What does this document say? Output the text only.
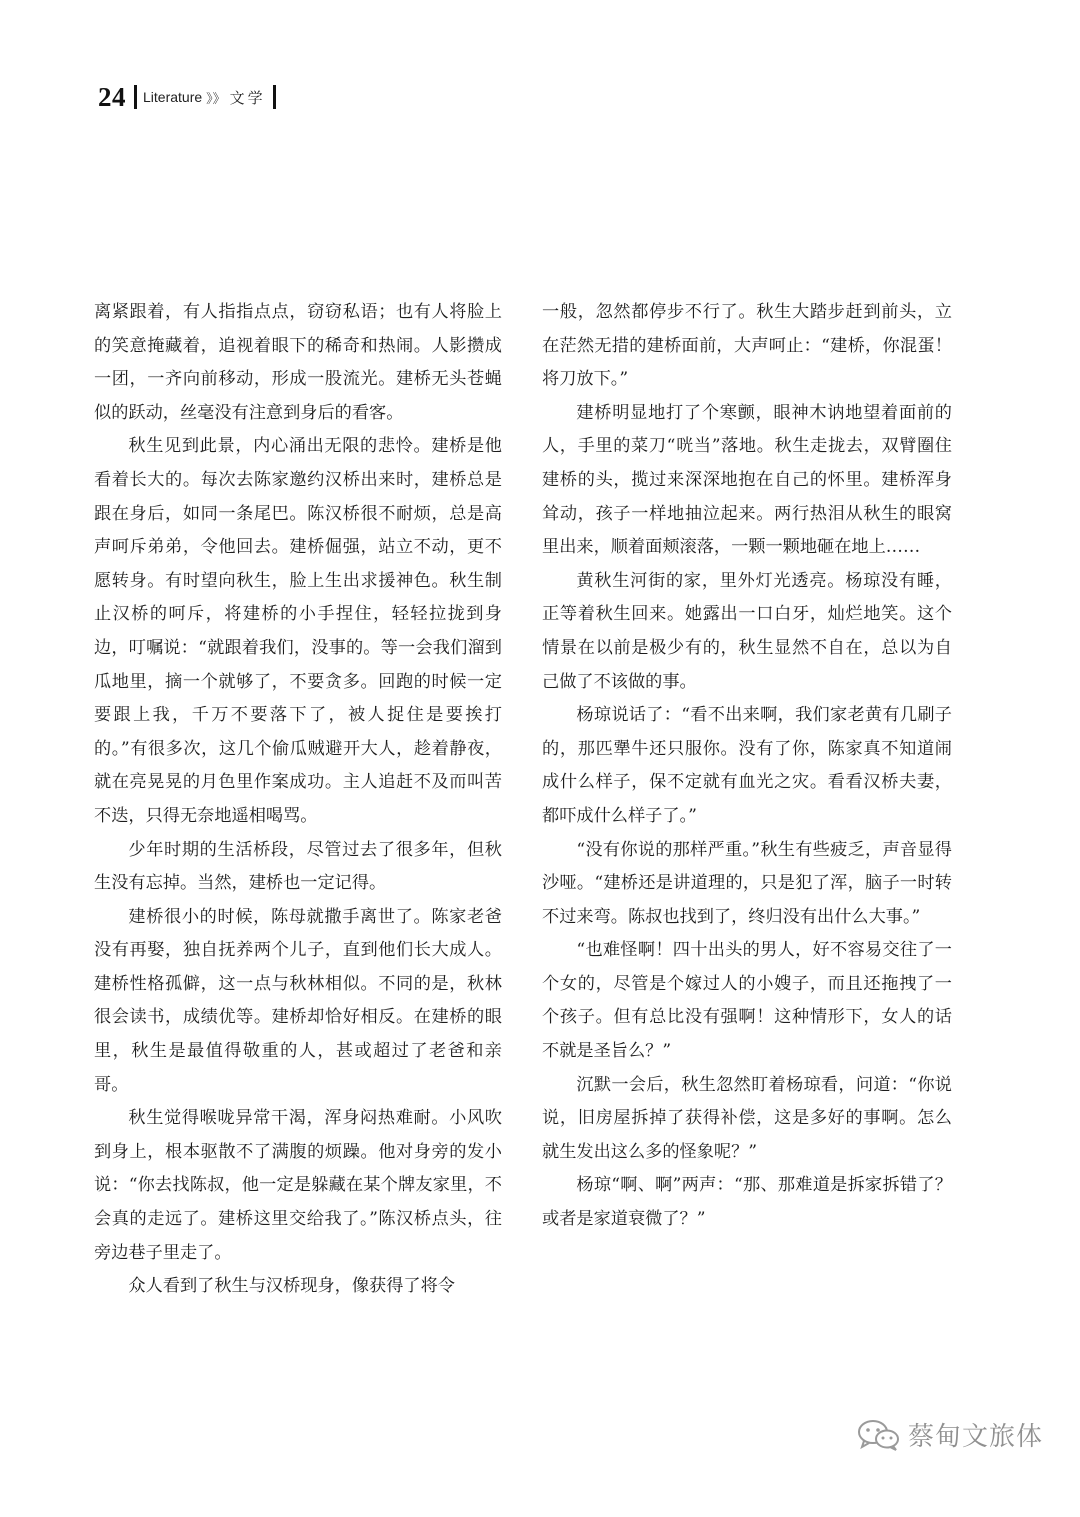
24 Literature 》》 文学

离紧跟着，有人指指点点，窃窃私语；也有人将脸上的笑意掩藏着，追视着眼下的稀奇和热闹。人影攒成一团，一齐向前移动，形成一股流光。建桥无头苍蝇似的跃动，丝毫没有注意到身后的看客。

秋生见到此景，内心涌出无限的悲怜。建桥是他看着长大的。每次去陈家邀约汉桥出来时，建桥总是跟在身后，如同一条尾巴。陈汉桥很不耐烦，总是高声呵斥弟弟，令他回去。建桥倔强，站立不动，更不愿转身。有时望向秋生，脸上生出求援神色。秋生制止汉桥的呵斥，将建桥的小手捏住，轻轻拉拢到身边，叮嘱说：“就跟着我们，没事的。等一会我们溜到瓜地里，摘一个就够了，不要贪多。回跑的时候一定要跟上我，千万不要落下了，被人捉住是要挨打的。”有很多次，这几个偷瓜贼避开大人，趁着静夜，就在亮晃晃的月色里作案成功。主人追赶不及而叫苦不迭，只得无奈地遥相喝骂。

少年时期的生活桥段，尽管过去了很多年，但秋生没有忘掉。当然，建桥也一定记得。

建桥很小的时候，陈母就撒手离世了。陈家老爸没有再娶，独自抚养两个儿子，直到他们长大成人。建桥性格孤僻，这一点与秋林相似。不同的是，秋林很会读书，成绩优等。建桥却恰好相反。在建桥的眼里，秋生是最值得敬重的人，甚或超过了老爸和亲哥。

秋生觉得喉咙异常干渴，浑身闷热难耐。小风吹到身上，根本驱散不了满腹的烦躁。他对身旁的发小说：“你去找陈叔，他一定是躲藏在某个牌友家里，不会真的走远了。建桥这里交给我了。”陈汉桥点头，往旁边巷子里走了。

众人看到了秋生与汉桥现身，像获得了将令

一般，忽然都停步不行了。秋生大踏步赶到前头，立在茫然无措的建桥面前，大声呵止：“建桥，你混蛋！将刀放下。”

建桥明显地打了个寒颤，眼神木讷地望着面前的人，手里的菜刀“咣当”落地。秋生走拢去，双臂圈住建桥的头，揽过来深深地抱在自己的怀里。建桥浑身耸动，孩子一样地抽泣起来。两行热泪从秋生的眼窝里出来，顺着面颊滚落，一颗一颗地砸在地上……

黄秋生河街的家，里外灯光透亮。杨琼没有睡，正等着秋生回来。她露出一口白牙，灿烂地笑。这个情景在以前是极少有的，秋生显然不自在，总以为自己做了不该做的事。

杨琼说话了：“看不出来啊，我们家老黄有几刷子的，那匹犟牛还只服你。没有了你，陈家真不知道闹成什么样子，保不定就有血光之灾。看看汉桥夫妻，都吓成什么样子了。”

“没有你说的那样严重。”秋生有些疲乏，声音显得沙哑。“建桥还是讲道理的，只是犯了浑，脑子一时转不过来弯。陈叔也找到了，终归没有出什么大事。”

“也难怪啊！四十出头的男人，好不容易交往了一个女的，尽管是个嫁过人的小嫂子，而且还拖拽了一个孩子。但有总比没有强啊！这种情形下，女人的话不就是圣旨么？”

沉默一会后，秋生忽然盯着杨琼看，问道：“你说说，旧房屋拆掉了获得补偿，这是多好的事啊。怎么就生发出这么多的怪象呢？”

杨琼“啊、啊”两声：“那、那难道是拆家拆错了？或者是家道衰微了？”

蔡甸文旅体
